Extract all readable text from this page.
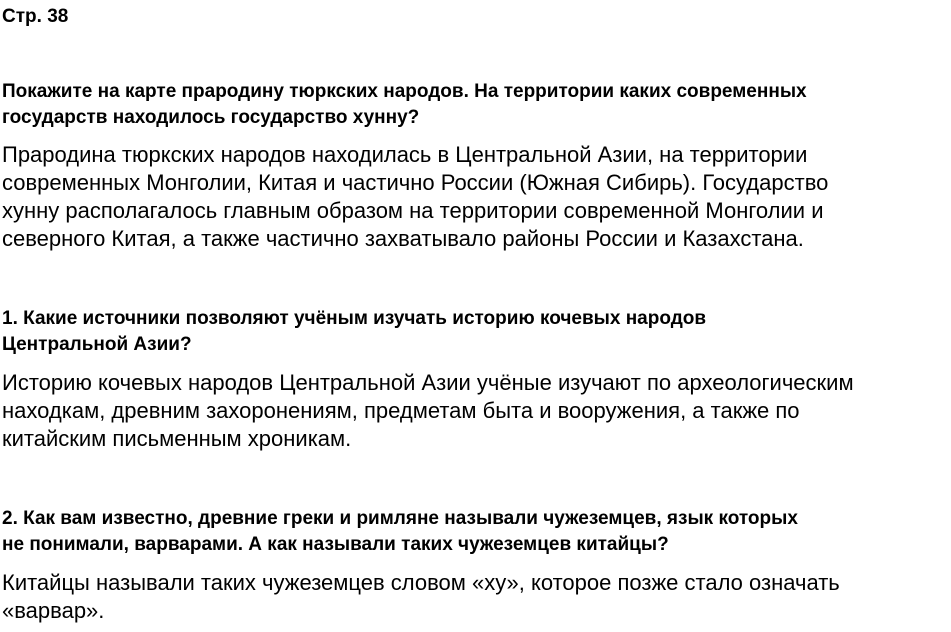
Стр. 38

Покажите на карте прародину тюркских народов. На территории каких современных
государств находилось государство хунну?

Прародина тюркских народов находилась в Центральной Азии, на территории
современных Монголии, Китая и частично России (Южная Сибирь). Государство
хунну располагалось главным образом на территории современной Монголии и
северного Китая, а также частично захватывало районы России и Казахстана.

1. Какие источники позволяют учёным изучать историю кочевых народов
Центральной Азии?

Историю кочевых народов Центральной Азии учёные изучают по археологическим
находкам, древним захоронениям, предметам быта и вооружения, а также по
китайским письменным хроникам.

2. Как вам известно, древние греки и римляне называли чужеземцев, язык которых
не понимали, варварами. А как называли таких чужеземцев китайцы?

Китайцы называли таких чужеземцев словом «ху», которое позже стало означать
«варвар».
